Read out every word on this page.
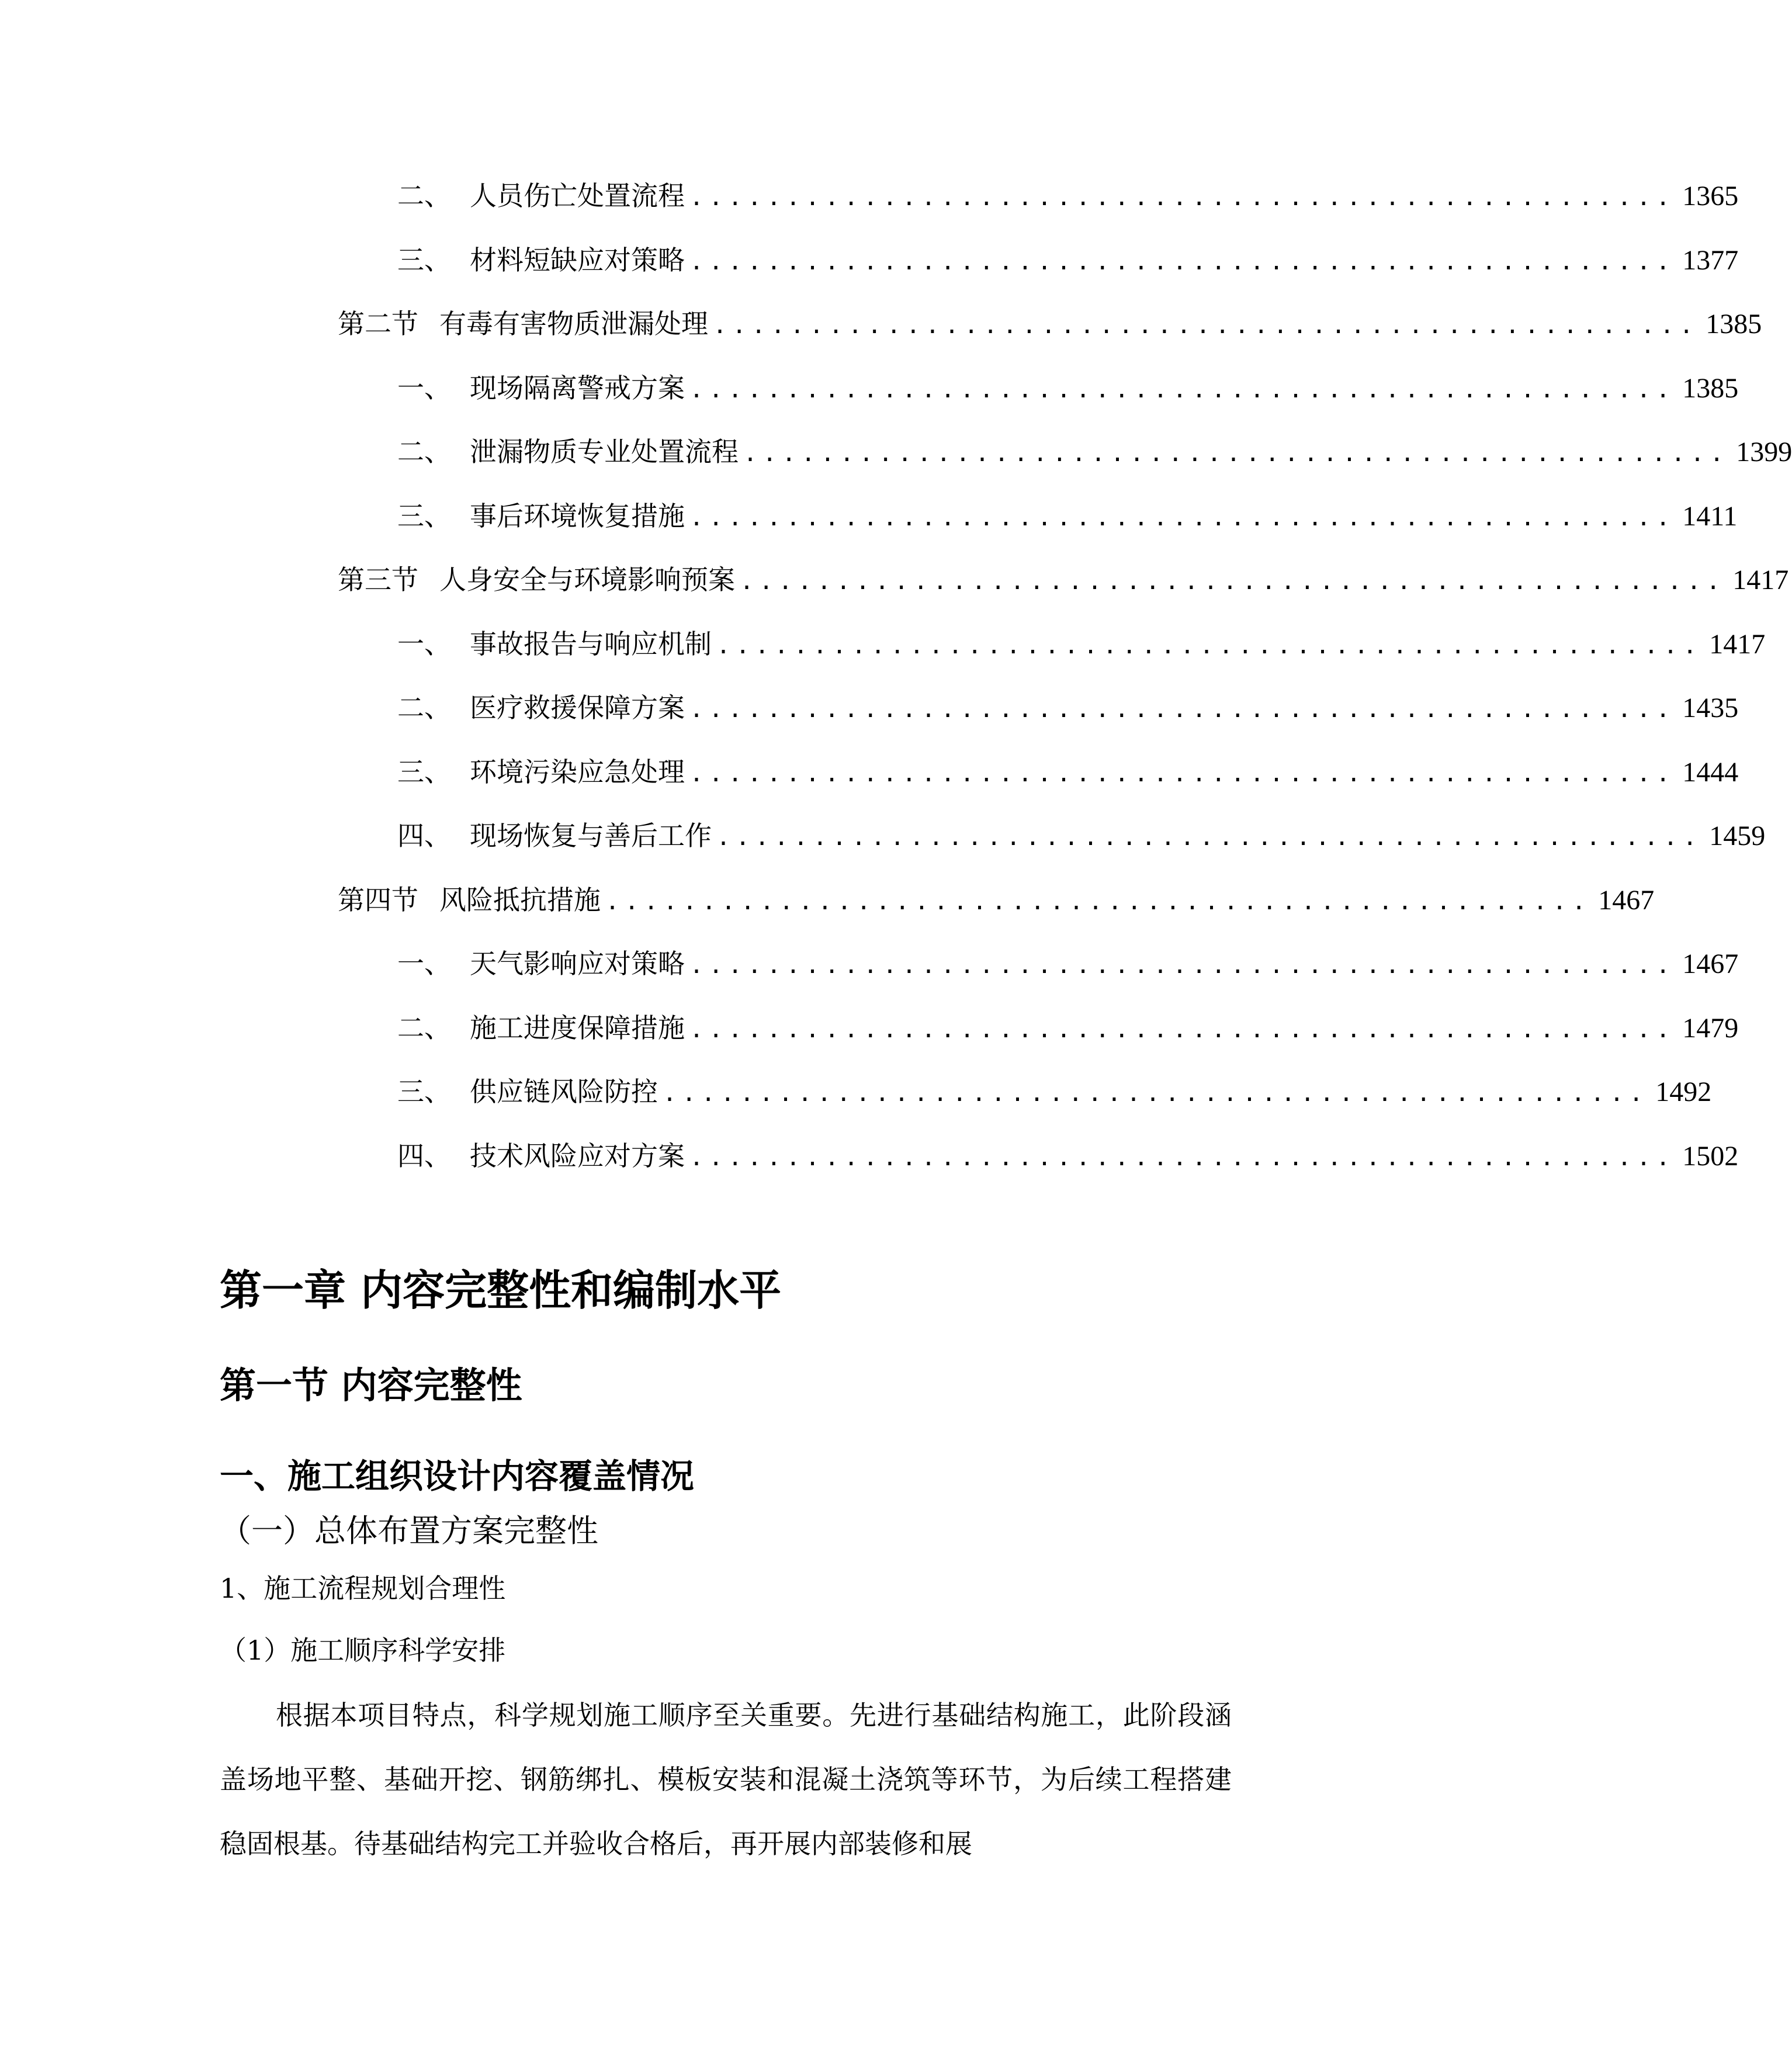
二、 人员伤亡处置流程 ................................................... 1365
三、 材料短缺应对策略 ................................................... 1377
第二节 有毒有害物质泄漏处理 ................................................... 1385
一、 现场隔离警戒方案 ................................................... 1385
二、 泄漏物质专业处置流程 ................................................... 1399
三、 事后环境恢复措施 ................................................... 1411
第三节 人身安全与环境影响预案 ................................................... 1417
一、 事故报告与响应机制 ................................................... 1417
二、 医疗救援保障方案 ................................................... 1435
三、 环境污染应急处理 ................................................... 1444
四、 现场恢复与善后工作 ................................................... 1459
第四节 风险抵抗措施 ................................................... 1467
一、 天气影响应对策略 ................................................... 1467
二、 施工进度保障措施 ................................................... 1479
三、 供应链风险防控 ................................................... 1492
四、 技术风险应对方案 ................................................... 1502
第一章 内容完整性和编制水平
第一节 内容完整性
一、施工组织设计内容覆盖情况
（一）总体布置方案完整性
1、施工流程规划合理性
（1）施工顺序科学安排

根据本项目特点，科学规划施工顺序至关重要。先进行基础结构施工，此阶段涵盖场地平整、基础开挖、钢筋绑扎、模板安装和混凝土浇筑等环节，为后续工程搭建稳固根基。待基础结构完工并验收合格后，再开展内部装修和展
